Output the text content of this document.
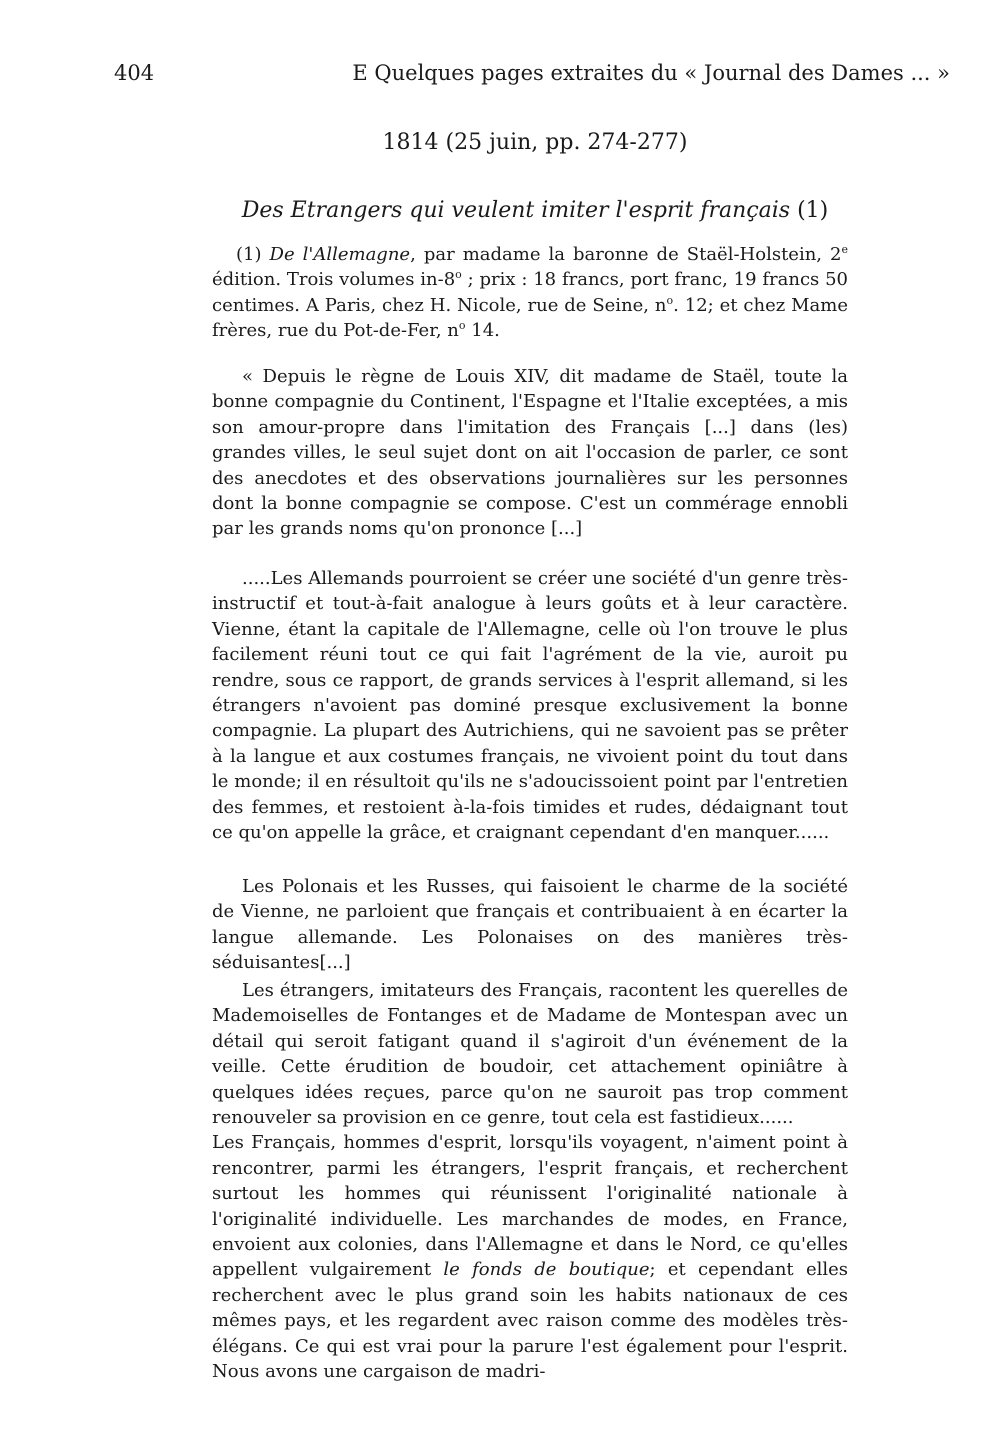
404	E Quelques pages extraites du « Journal des Dames ... »
1814 (25 juin, pp. 274-277)
Des Etrangers qui veulent imiter l'esprit français (1)

(1) De l'Allemagne, par madame la baronne de Staël-Holstein, 2e édition. Trois volumes in-8$^o$ ; prix : 18 francs, port franc, 19 francs 50 centimes. A Paris, chez H. Nicole, rue de Seine, $n^o$. 12; et chez Mame frères, rue du Pot-de-Fer, $n^o$ 14.

« Depuis le règne de Louis XIV, dit madame de Staël, toute la bonne compagnie du Continent, l'Espagne et l'Italie exceptées, a mis son amour-propre dans l'imitation des Français [...] dans (les) grandes villes, le seul sujet dont on ait l'occasion de parler, ce sont des anecdotes et des observations journalières sur les personnes dont la bonne compagnie se compose. C'est un commérage ennobli par les grands noms qu'on prononce [...]

.....Les Allemands pourroient se créer une société d'un genre très-instructif et tout-à-fait analogue à leurs goûts et à leur caractère. Vienne, étant la capitale de l'Allemagne, celle où l'on trouve le plus facilement réuni tout ce qui fait l'agrément de la vie, auroit pu rendre, sous ce rapport, de grands services à l'esprit allemand, si les étrangers n'avoient pas dominé presque exclusivement la bonne compagnie. La plupart des Autrichiens, qui ne savoient pas se prêter à la langue et aux costumes français, ne vivoient point du tout dans le monde; il en résultoit qu'ils ne s'adoucissoient point par l'entretien des femmes, et restoient à-la-fois timides et rudes, dédaignant tout ce qu'on appelle la grâce, et craignant cependant d'en manquer......

Les Polonais et les Russes, qui faisoient le charme de la société de Vienne, ne parloient que français et contribuaient à en écarter la langue allemande. Les Polonaises on des manières très-séduisantes[...]

Les étrangers, imitateurs des Français, racontent les querelles de Mademoiselles de Fontanges et de Madame de Montespan avec un détail qui seroit fatigant quand il s'agiroit d'un événement de la veille. Cette érudition de boudoir, cet attachement opiniâtre à quelques idées reçues, parce qu'on ne sauroit pas trop comment renouveler sa provision en ce genre, tout cela est fastidieux......

Les Français, hommes d'esprit, lorsqu'ils voyagent, n'aiment point à rencontrer, parmi les étrangers, l'esprit français, et recherchent surtout les hommes qui réunissent l'originalité nationale à l'originalité individuelle. Les marchandes de modes, en France, envoient aux colonies, dans l'Allemagne et dans le Nord, ce qu'elles appellent vulgairement le fonds de boutique; et cependant elles recherchent avec le plus grand soin les habits nationaux de ces mêmes pays, et les regardent avec raison comme des modèles très-élégans. Ce qui est vrai pour la parure l'est également pour l'esprit. Nous avons une cargaison de madri-
